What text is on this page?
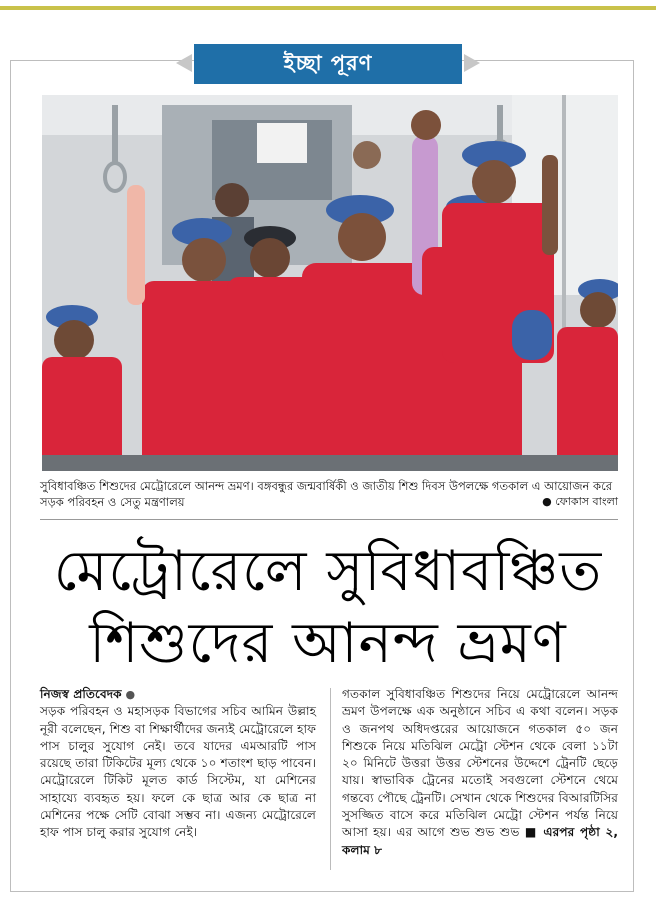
ইচ্ছা পূরণ
সুবিধাবঞ্চিত শিশুদের মেট্রোরেলে আনন্দ ভ্রমণ। বঙ্গবন্ধুর জন্মবার্ষিকী ও জাতীয় শিশু দিবস উপলক্ষে গতকাল এ আয়োজন করে সড়ক পরিবহন ও সেতু মন্ত্রণালয়	● ফোকাস বাংলা
মেট্রোরেলে সুবিধাবঞ্চিত
শিশুদের আনন্দ ভ্রমণ
নিজস্ব প্রতিবেদক ●
সড়ক পরিবহন ও মহাসড়ক বিভাগের সচিব আমিন উল্লাহ নূরী বলেছেন, শিশু বা শিক্ষার্থীদের জন্যই মেট্রোরেলে হাফ পাস চালুর সুযোগ নেই। তবে যাদের এমআরটি পাস রয়েছে তারা টিকিটের মূল্য থেকে ১০ শতাংশ ছাড় পাবেন। মেট্রোরেলে টিকিট মূলত কার্ড সিস্টেম, যা মেশিনের সাহায্যে ব্যবহৃত হয়। ফলে কে ছাত্র আর কে ছাত্র না মেশিনের পক্ষে সেটি বোঝা সম্ভব না। এজন্য মেট্রোরেলে হাফ পাস চালু করার সুযোগ নেই।
গতকাল সুবিধাবঞ্চিত শিশুদের নিয়ে মেট্রোরেলে আনন্দ ভ্রমণ উপলক্ষে এক অনুষ্ঠানে সচিব এ কথা বলেন। সড়ক ও জনপথ অধিদপ্তরের আয়োজনে গতকাল ৫০ জন শিশুকে নিয়ে মতিঝিল মেট্রো স্টেশন থেকে বেলা ১১টা ২০ মিনিটে উত্তরা উত্তর স্টেশনের উদ্দেশে ট্রেনটি ছেড়ে যায়। স্বাভাবিক ট্রেনের মতোই সবগুলো স্টেশনে থেমে গন্তব্যে পৌছে ট্রেনটি। সেখান থেকে শিশুদের বিআরটিসির সুসজ্জিত বাসে করে মতিঝিল মেট্রো স্টেশন পর্যন্ত নিয়ে আসা হয়। এর আগে শুভ শুভ শুভ ■ এরপর পৃষ্ঠা ২, কলাম ৮
